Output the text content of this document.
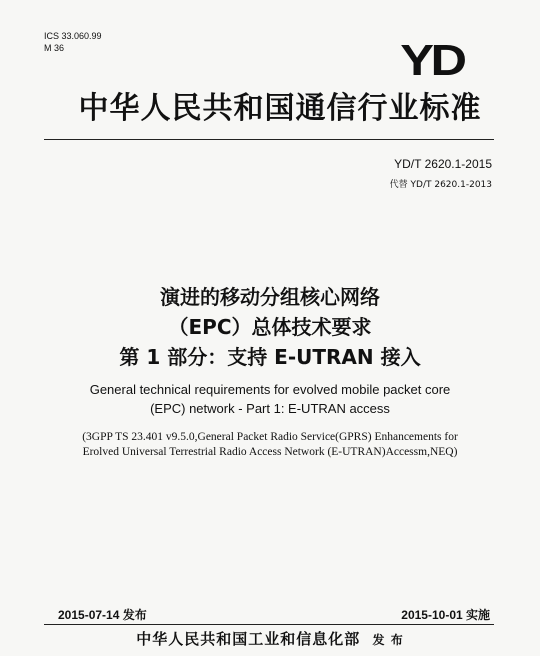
ICS 33.060.99
M 36	YD
中华人民共和国通信行业标准
YD/T 2620.1-2015
代替 YD/T 2620.1-2013
演进的移动分组核心网络
（EPC）总体技术要求
第 1 部分：支持 E-UTRAN 接入
General technical requirements for evolved mobile packet core
(EPC) network - Part 1: E-UTRAN access
(3GPP TS 23.401 v9.5.0,General Packet Radio Service(GPRS) Enhancements for
Erolved Universal Terrestrial Radio Access Network (E-UTRAN)Accessm,NEQ)
2015-07-14 发布	2015-10-01 实施
中华人民共和国工业和信息化部 发 布
